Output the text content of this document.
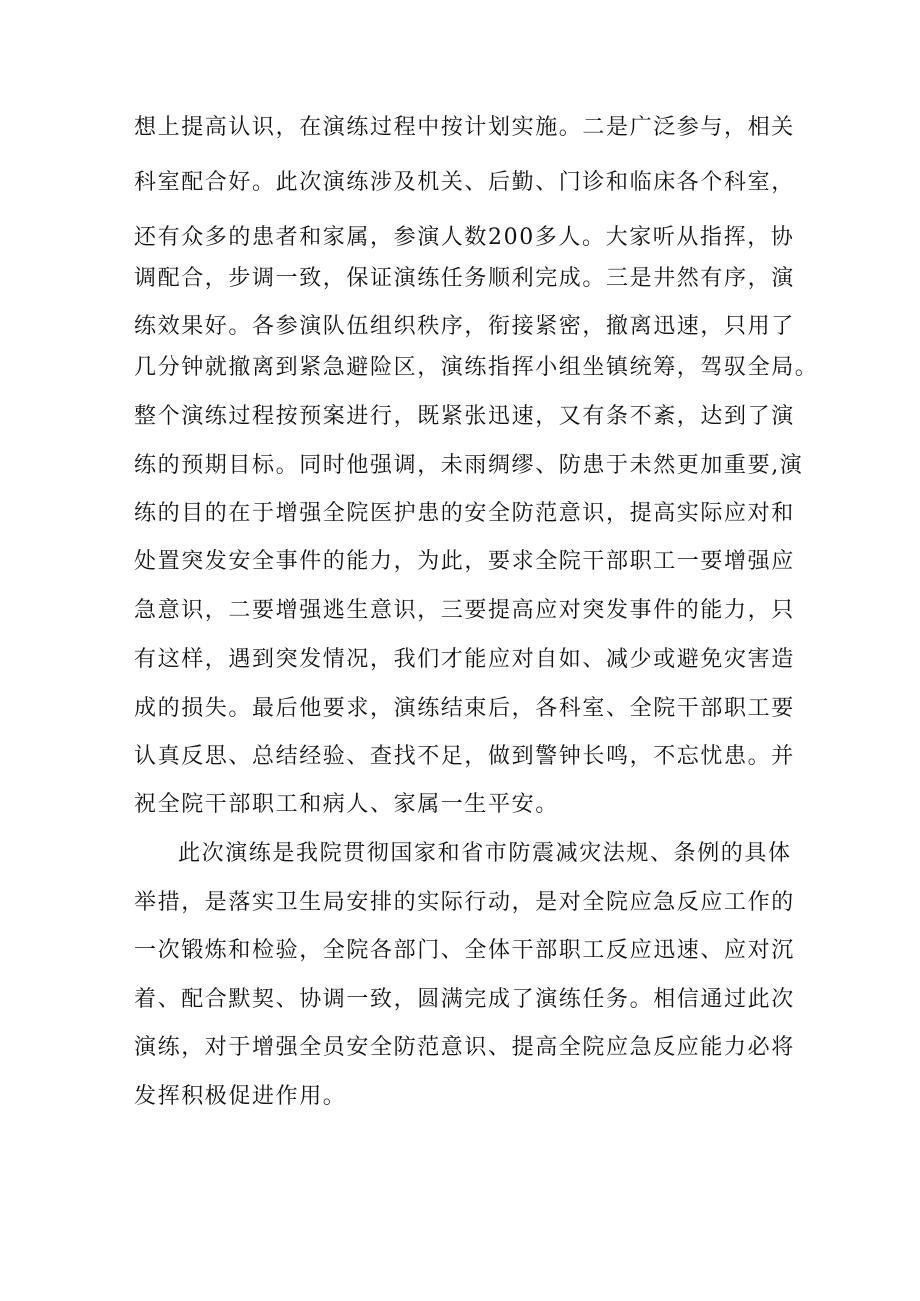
想上提高认识，在演练过程中按计划实施。二是广泛参与，相关
科室配合好。此次演练涉及机关、后勤、门诊和临床各个科室，
还有众多的患者和家属，参演人数200多人。大家听从指挥，协
调配合，步调一致，保证演练任务顺利完成。三是井然有序，演
练效果好。各参演队伍组织秩序，衔接紧密，撤离迅速，只用了
几分钟就撤离到紧急避险区，演练指挥小组坐镇统筹，驾驭全局。
整个演练过程按预案进行，既紧张迅速，又有条不紊，达到了演
练的预期目标。同时他强调，未雨绸缪、防患于未然更加重要,演
练的目的在于增强全院医护患的安全防范意识，提高实际应对和
处置突发安全事件的能力，为此，要求全院干部职工一要增强应
急意识，二要增强逃生意识，三要提高应对突发事件的能力，只
有这样，遇到突发情况，我们才能应对自如、减少或避免灾害造
成的损失。最后他要求，演练结束后，各科室、全院干部职工要
认真反思、总结经验、查找不足，做到警钟长鸣，不忘忧患。并
祝全院干部职工和病人、家属一生平安。
此次演练是我院贯彻国家和省市防震减灾法规、条例的具体
举措，是落实卫生局安排的实际行动，是对全院应急反应工作的
一次锻炼和检验，全院各部门、全体干部职工反应迅速、应对沉
着、配合默契、协调一致，圆满完成了演练任务。相信通过此次
演练，对于增强全员安全防范意识、提高全院应急反应能力必将
发挥积极促进作用。
